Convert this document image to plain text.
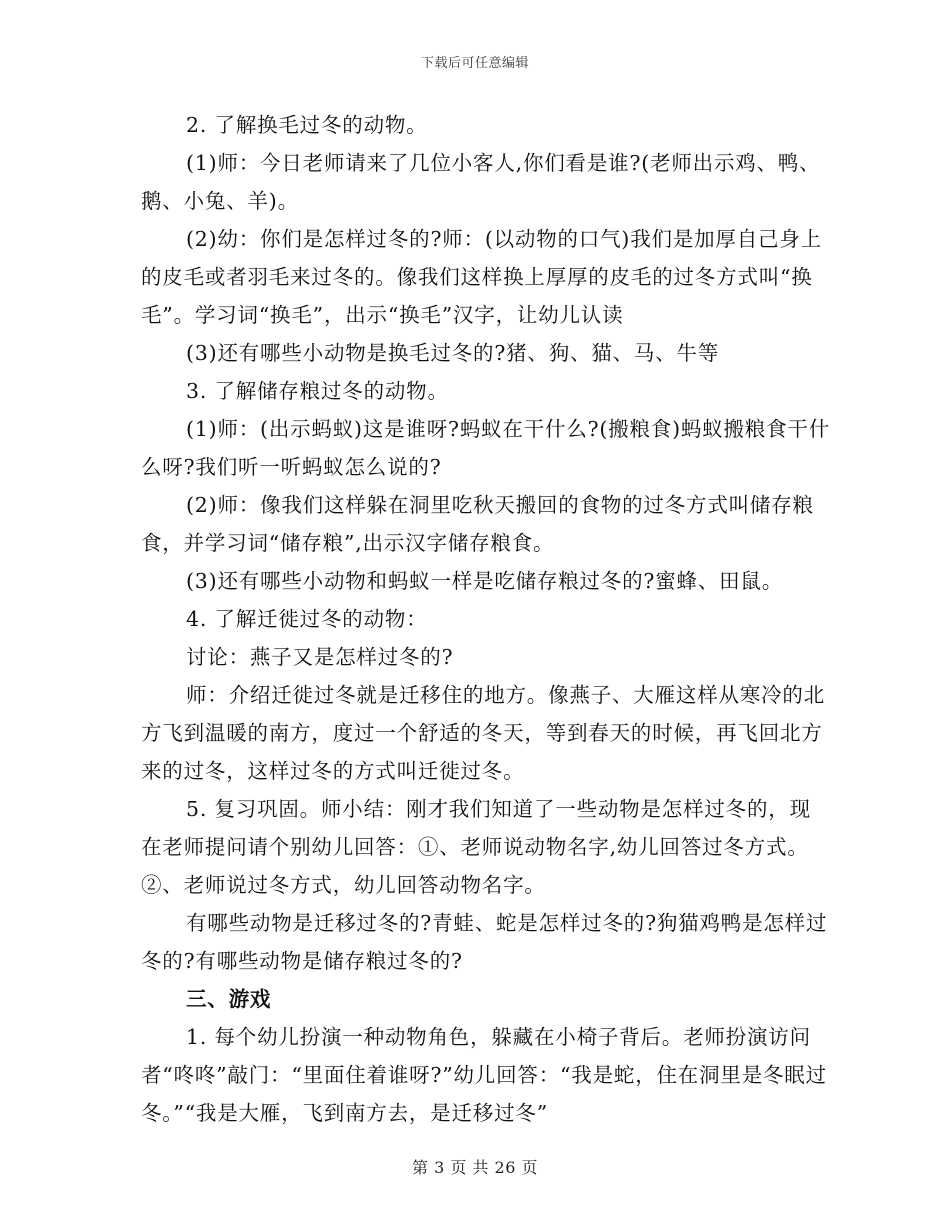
下载后可任意编辑

2. 了解换毛过冬的动物。

(1)师：今日老师请来了几位小客人,你们看是谁?(老师出示鸡、鸭、鹅、小兔、羊)。

(2)幼：你们是怎样过冬的?师：(以动物的口气)我们是加厚自己身上的皮毛或者羽毛来过冬的。像我们这样换上厚厚的皮毛的过冬方式叫“换毛”。学习词“换毛”，出示“换毛”汉字，让幼儿认读

(3)还有哪些小动物是换毛过冬的?猪、狗、猫、马、牛等

3. 了解储存粮过冬的动物。

(1)师：(出示蚂蚁)这是谁呀?蚂蚁在干什么?(搬粮食)蚂蚁搬粮食干什么呀?我们听一听蚂蚁怎么说的?

(2)师：像我们这样躲在洞里吃秋天搬回的食物的过冬方式叫储存粮食，并学习词“储存粮”,出示汉字储存粮食。

(3)还有哪些小动物和蚂蚁一样是吃储存粮过冬的?蜜蜂、田鼠。

4. 了解迁徙过冬的动物：

讨论：燕子又是怎样过冬的?

师：介绍迁徙过冬就是迁移住的地方。像燕子、大雁这样从寒冷的北方飞到温暖的南方，度过一个舒适的冬天，等到春天的时候，再飞回北方来的过冬，这样过冬的方式叫迁徙过冬。

5. 复习巩固。师小结：刚才我们知道了一些动物是怎样过冬的，现在老师提问请个别幼儿回答：①、老师说动物名字,幼儿回答过冬方式。②、老师说过冬方式，幼儿回答动物名字。

有哪些动物是迁移过冬的?青蛙、蛇是怎样过冬的?狗猫鸡鸭是怎样过冬的?有哪些动物是储存粮过冬的?

三、游戏

1. 每个幼儿扮演一种动物角色，躲藏在小椅子背后。老师扮演访问者“咚咚”敲门：“里面住着谁呀?”幼儿回答：“我是蛇，住在洞里是冬眠过冬。”“我是大雁，飞到南方去，是迁移过冬”

第 3 页 共 26 页
